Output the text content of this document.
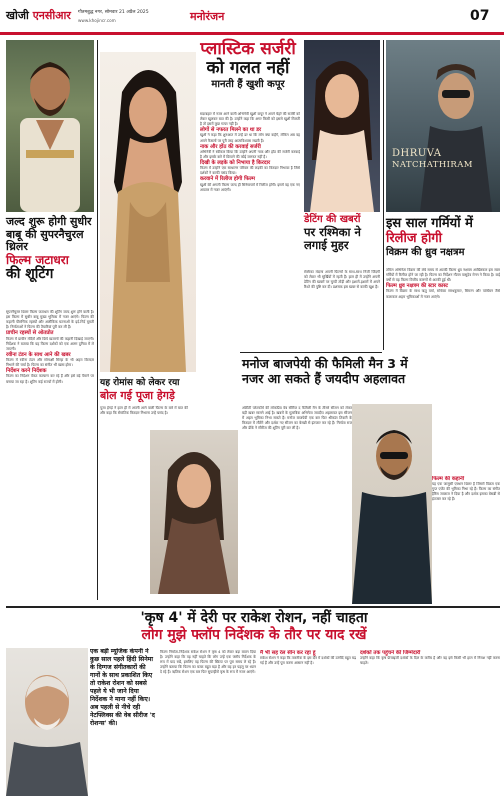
खोजी एनसीआर गौतमबुद्ध नगर, सोमवार 21 अप्रैल 2025
www.khojincr.com	मनोरंजन	07
जल्द शुरू होगी सुधीर बाबू की सुपरनैचुरल थ्रिलर
फिल्म जटाधरा
की शूटिंग
सुपरनैचुरल थ्रिलर फिल्म जटाधरा की शूटिंग जल्द शुरू होने वाली है। इस फिल्म में सुधीर बाबू मुख्य भूमिका में नजर आएंगे। फिल्म की कहानी पौराणिक रहस्यों और अलौकिक घटनाओं के इर्द-गिर्द घूमती है। निर्माताओं ने फिल्म की तैयारियां पूरी कर ली हैं।
प्राचीन रहस्यों से ओतप्रोत
फिल्म में प्राचीन मंदिरों और छिपे खजानों की कहानी दिखाई जाएगी। निर्देशक ने बताया कि यह फिल्म दर्शकों को एक अलग दुनिया में ले जाएगी।
रवीना टंडन के साथ आने की खबर
फिल्म में रवीना टंडन और सोनाक्षी सिन्हा के भी अहम किरदार निभाने की चर्चा है। फिल्म का संगीत भी खास होगा।
निर्देशन करने निर्देशक
फिल्म का निर्देशन वेंकट कल्याण कर रहे हैं और इसे बड़े पैमाने पर बनाया जा रहा है। शूटिंग कई राज्यों में होगी।
प्लास्टिक सर्जरी
को गलत नहीं
मानती हैं खुशी कपूर
सदाबहार में नजर आने वाली अभिनेत्री खुशी कपूर ने अपने चेहरे की सर्जरी को लेकर खुलकर बात की है। उन्होंने कहा कि अगर किसी को इससे खुशी मिलती है तो इसमें कुछ गलत नहीं है।
लोगों से नफरत मिलने का था डर
खुशी ने कहा कि शुरुआत में उन्हें डर था कि लोग क्या कहेंगे, लेकिन अब वह अपने फैसलों पर पूरी तरह आत्मविश्वास रखती हैं।
नाक और होंठ की करवाई सर्जरी
अभिनेत्री ने स्वीकार किया कि उन्होंने अपनी नाक और होंठ की सर्जरी करवाई है और इसके बारे में छिपाने की कोई जरूरत नहीं है।
दिखी के लड़के को निभाया है किरदार
फिल्म में उन्होंने एक साधारण परिवार की लड़की का किरदार निभाया है जिसे दर्शकों ने काफी पसंद किया।
करवाने में रिलीज होगी फिल्म
खुशी की अगली फिल्म जल्द ही सिनेमाघरों में रिलीज होगी। इसमें वह एक नए अवतार में नजर आएंगी।
यह रोमांस को लेकर रया
बोल गई पूजा हेगड़े
पूजा हेगड़े ने हाल ही में अपनी आने वाली फिल्म के बारे में बात की और कहा कि रोमांटिक किरदार निभाना उन्हें पसंद है।
डेटिंग की खबरों
पर रश्मिका ने लगाई मुहर
रश्मिका मंदाना अपनी फिल्मों के साथ-साथ निजी जिंदगी को लेकर भी सुर्खियों में रहती हैं। हाल ही में उन्होंने अपनी डेटिंग की खबरों पर चुप्पी तोड़ी और इशारों-इशारों में अपने रिश्ते की पुष्टि कर दी। प्रशंसक इस खबर से काफी खुश हैं।
DHRUVA
NATCHATHIRAM
इस साल गर्मियों में
रिलीज होगी
विक्रम की ध्रुव नक्षत्रम
तमिल अभिनेता विक्रम की लंबे समय से अटकी फिल्म ध्रुव नक्षत्रम आखिरकार इस साल गर्मियों में रिलीज होने जा रही है। फिल्म का निर्देशन गौतम वासुदेव मेनन ने किया है। कई वर्षों से यह फिल्म वित्तीय कारणों से अटकी हुई थी।
फिल्म ध्रुव नक्षत्रम की स्टार कास्ट
फिल्म में विक्रम के साथ ऋतु वर्मा, राधिका सरथकुमार, सिमरन और पार्थिबन जैसे कलाकार अहम भूमिकाओं में नजर आएंगे।
फिल्म की कहानी
यह एक जासूसी एक्शन थ्रिलर है जिसमें विक्रम एक गुप्त एजेंट की भूमिका निभा रहे हैं। फिल्म का संगीत हैरिस जयराज ने दिया है और दर्शक इसका बेसब्री से इंतजार कर रहे हैं।
मनोज बाजपेयी की फैमिली मैन 3 में नजर आ सकते हैं जयदीप अहलावत
ओटीटी प्लेटफॉर्म की लोकप्रिय वेब सीरीज द फैमिली मैन के तीसरे सीजन को लेकर बड़ी खबर सामने आई है। खबरों के मुताबिक अभिनेता जयदीप अहलावत इस सीजन में अहम भूमिका निभा सकते हैं। मनोज बाजपेयी एक बार फिर श्रीकांत तिवारी के किरदार में लौटेंगे और दर्शक नए सीजन का बेसब्री से इंतजार कर रहे हैं। निर्माता राज और डीके ने सीरीज की शूटिंग पूरी कर ली है।
'कृष 4' में देरी पर राकेश रोशन, नहीं चाहता
लोग मुझे फ्लॉप निर्देशक के तौर पर याद रखें
एक बड़ी म्यूजिक कंपनी ने कुछ साल पहले हिंदी सिनेमा के दिग्गज संगीतकारों की गानों के साथ प्रकाशित किए तो राकेश रोशन को सबसे पहले ये भी जाने दिया निर्देशक ने माना नहीं किए। अब पहली से नीचे रही नेटफ्लिक्स की वेब सीरीज 'द रोशन्स' की।
फिल्म निर्माता-निर्देशक राकेश रोशन ने कृष 4 को लेकर बड़ा बयान दिया है। उन्होंने कहा कि वह नहीं चाहते कि लोग उन्हें एक फ्लॉप निर्देशक के रूप में याद रखें, इसलिए वह फिल्म की स्क्रिप्ट पर पूरा समय ले रहे हैं। उन्होंने बताया कि फिल्म का बजट बहुत बड़ा है और वह हर पहलू पर ध्यान दे रहे हैं। ऋतिक रोशन एक बार फिर सुपरहीरो कृष के रूप में नजर आएंगे।
मैं भी सह रेल सीन कर रहा हूं
राकेश रोशन ने कहा कि तकनीक के इस दौर में दर्शकों की उम्मीदें बहुत बढ़ गई हैं और उन्हें पूरा करना आसान नहीं है।
दर्शकों तक पहुंचने की जिम्मेदारी
उन्होंने कहा कि कृष फ्रेंचाइजी दर्शकों के दिल के करीब है और वह इसे किसी भी हाल में निराश नहीं करना चाहते।
